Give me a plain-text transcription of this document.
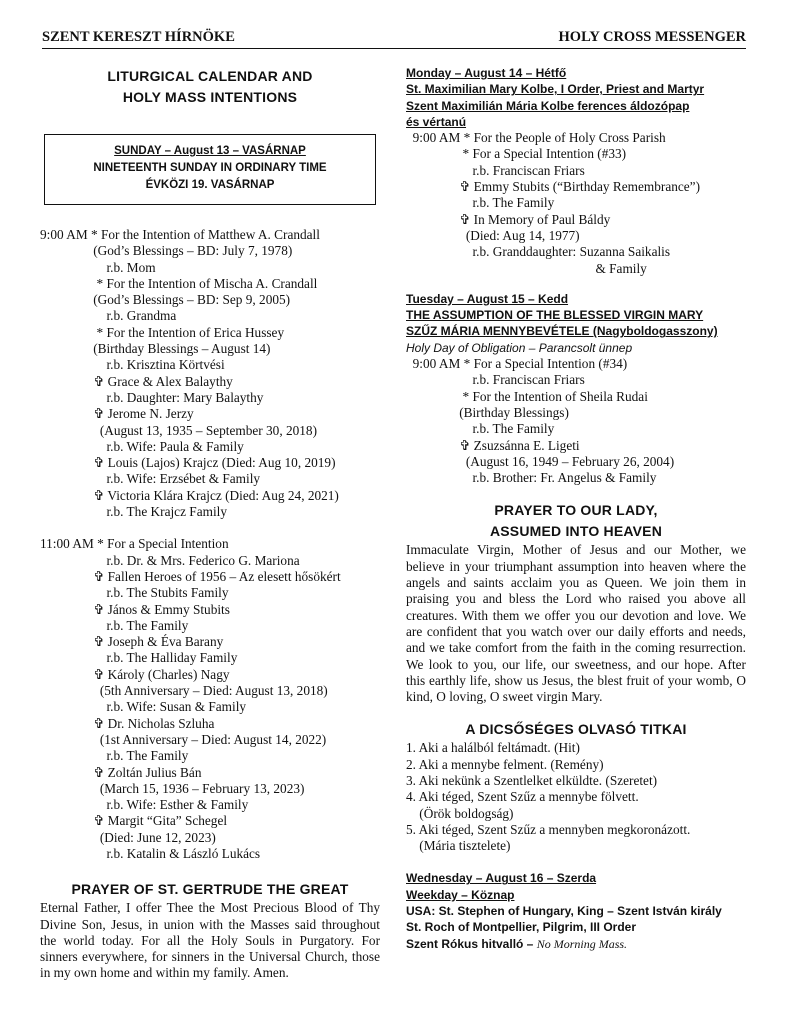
SZENT KERESZT HÍRNÖKE	HOLY CROSS MESSENGER
LITURGICAL CALENDAR AND
HOLY MASS INTENTIONS
SUNDAY – August 13 – VASÁRNAP
NINETEENTH SUNDAY IN ORDINARY TIME
ÉVKÖZI 19. VASÁRNAP
9:00 AM * For the Intention of Matthew A. Crandall
(God’s Blessings – BD: July 7, 1978)
r.b. Mom
* For the Intention of Mischa A. Crandall
(God’s Blessings – BD: Sep 9, 2005)
r.b. Grandma
* For the Intention of Erica Hussey
(Birthday Blessings – August 14)
r.b. Krisztina Körtvési
✞ Grace & Alex Balaythy
r.b. Daughter: Mary Balaythy
✞ Jerome N. Jerzy
(August 13, 1935 – September 30, 2018)
r.b. Wife: Paula & Family
✞ Louis (Lajos) Krajcz (Died: Aug 10, 2019)
r.b. Wife: Erzsébet & Family
✞ Victoria Klára Krajcz (Died: Aug 24, 2021)
r.b. The Krajcz Family
11:00 AM * For a Special Intention
r.b. Dr. & Mrs. Federico G. Mariona
✞ Fallen Heroes of 1956 – Az elesett hősökért
r.b. The Stubits Family
✞ János & Emmy Stubits
r.b. The Family
✞ Joseph & Éva Barany
r.b. The Halliday Family
✞ Károly (Charles) Nagy
(5th Anniversary – Died: August 13, 2018)
r.b. Wife: Susan & Family
✞ Dr. Nicholas Szluha
(1st Anniversary – Died: August 14, 2022)
r.b. The Family
✞ Zoltán Julius Bán
(March 15, 1936 – February 13, 2023)
r.b. Wife: Esther & Family
✞ Margit “Gita” Schegel
(Died: June 12, 2023)
r.b. Katalin & László Lukács
PRAYER OF ST. GERTRUDE THE GREAT
Eternal Father, I offer Thee the Most Precious Blood of Thy Divine Son, Jesus, in union with the Masses said throughout the world today. For all the Holy Souls in Purgatory. For sinners everywhere, for sinners in the Universal Church, those in my own home and within my family. Amen.
Monday – August 14 – Hétfő
St. Maximilian Mary Kolbe, I Order, Priest and Martyr
Szent Maximilián Mária Kolbe ferences áldozópap
és vértanú
9:00 AM * For the People of Holy Cross Parish
* For a Special Intention (#33)
r.b. Franciscan Friars
✞ Emmy Stubits (“Birthday Remembrance”)
r.b. The Family
✞ In Memory of Paul Báldy
(Died: Aug 14, 1977)
r.b. Granddaughter: Suzanna Saikalis
& Family
Tuesday – August 15 – Kedd
THE ASSUMPTION OF THE BLESSED VIRGIN MARY
SZŰZ MÁRIA MENNYBEVÉTELE (Nagyboldogasszony)
Holy Day of Obligation – Parancsolt ünnep
9:00 AM * For a Special Intention (#34)
r.b. Franciscan Friars
* For the Intention of Sheila Rudai
(Birthday Blessings)
r.b. The Family
✞ Zsuzsánna E. Ligeti
(August 16, 1949 – February 26, 2004)
r.b. Brother: Fr. Angelus & Family
PRAYER TO OUR LADY,
ASSUMED INTO HEAVEN
Immaculate Virgin, Mother of Jesus and our Mother, we believe in your triumphant assumption into heaven where the angels and saints acclaim you as Queen. We join them in praising you and bless the Lord who raised you above all creatures. With them we offer you our devotion and love. We are confident that you watch over our daily efforts and needs, and we take comfort from the faith in the coming resurrection. We look to you, our life, our sweetness, and our hope. After this earthly life, show us Jesus, the blest fruit of your womb, O kind, O loving, O sweet virgin Mary.
A DICSŐSÉGES OLVASÓ TITKAI
1. Aki a halálból feltámadt. (Hit)
2. Aki a mennybe felment. (Remény)
3. Aki nekünk a Szentlelket elküldte. (Szeretet)
4. Aki téged, Szent Szűz a mennybe fölvett.
(Örök boldogság)
5. Aki téged, Szent Szűz a mennyben megkoronázott.
(Mária tisztelete)
Wednesday – August 16 – Szerda
Weekday – Köznap
USA: St. Stephen of Hungary, King – Szent István király
St. Roch of Montpellier, Pilgrim, III Order
Szent Rókus hitvalló – No Morning Mass.
